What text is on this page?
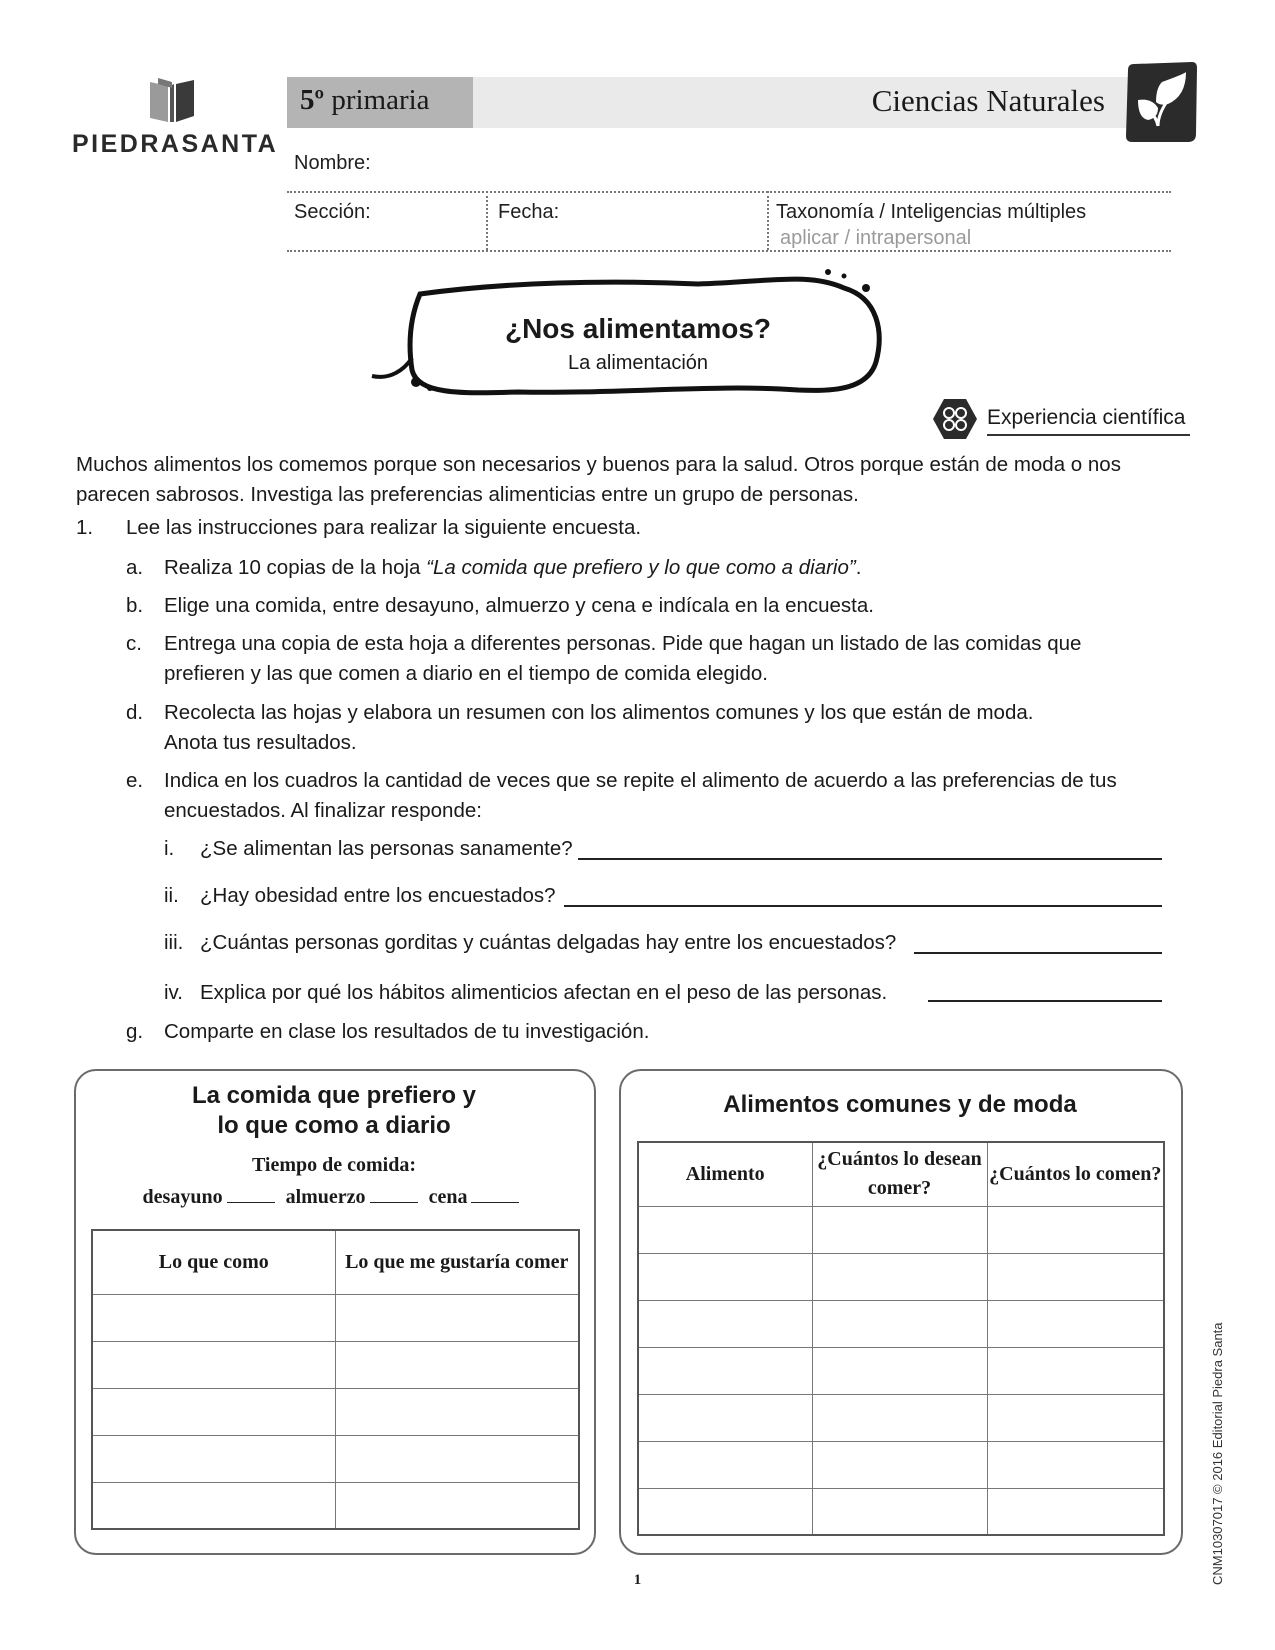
PIEDRASANTA
5º primaria	Ciencias Naturales
Nombre:
Sección:	Fecha:	Taxonomía / Inteligencias múltiples
aplicar / intrapersonal
¿Nos alimentamos?
La alimentación
Experiencia científica
Muchos alimentos los comemos porque son necesarios y buenos para la salud. Otros porque están de moda o nos
parecen sabrosos. Investiga las preferencias alimenticias entre un grupo de personas.
1. Lee las instrucciones para realizar la siguiente encuesta.
a. Realiza 10 copias de la hoja “La comida que prefiero y lo que como a diario”.
b. Elige una comida, entre desayuno, almuerzo y cena e indícala en la encuesta.
c. Entrega una copia de esta hoja a diferentes personas. Pide que hagan un listado de las comidas que
prefieren y las que comen a diario en el tiempo de comida elegido.
d. Recolecta las hojas y elabora un resumen con los alimentos comunes y los que están de moda.
Anota tus resultados.
e. Indica en los cuadros la cantidad de veces que se repite el alimento de acuerdo a las preferencias de tus
encuestados. Al finalizar responde:
i. ¿Se alimentan las personas sanamente?
ii. ¿Hay obesidad entre los encuestados?
iii. ¿Cuántas personas gorditas y cuántas delgadas hay entre los encuestados?
iv. Explica por qué los hábitos alimenticios afectan en el peso de las personas.
g. Comparte en clase los resultados de tu investigación.
La comida que prefiero y
lo que como a diario
Tiempo de comida:
desayuno	almuerzo	cena
Lo que como	Lo que me gustaría comer

Alimentos comunes y de moda
Alimento	¿Cuántos lo desean comer?	¿Cuántos lo comen?

CNM10307017 © 2016 Editorial Piedra Santa
1
